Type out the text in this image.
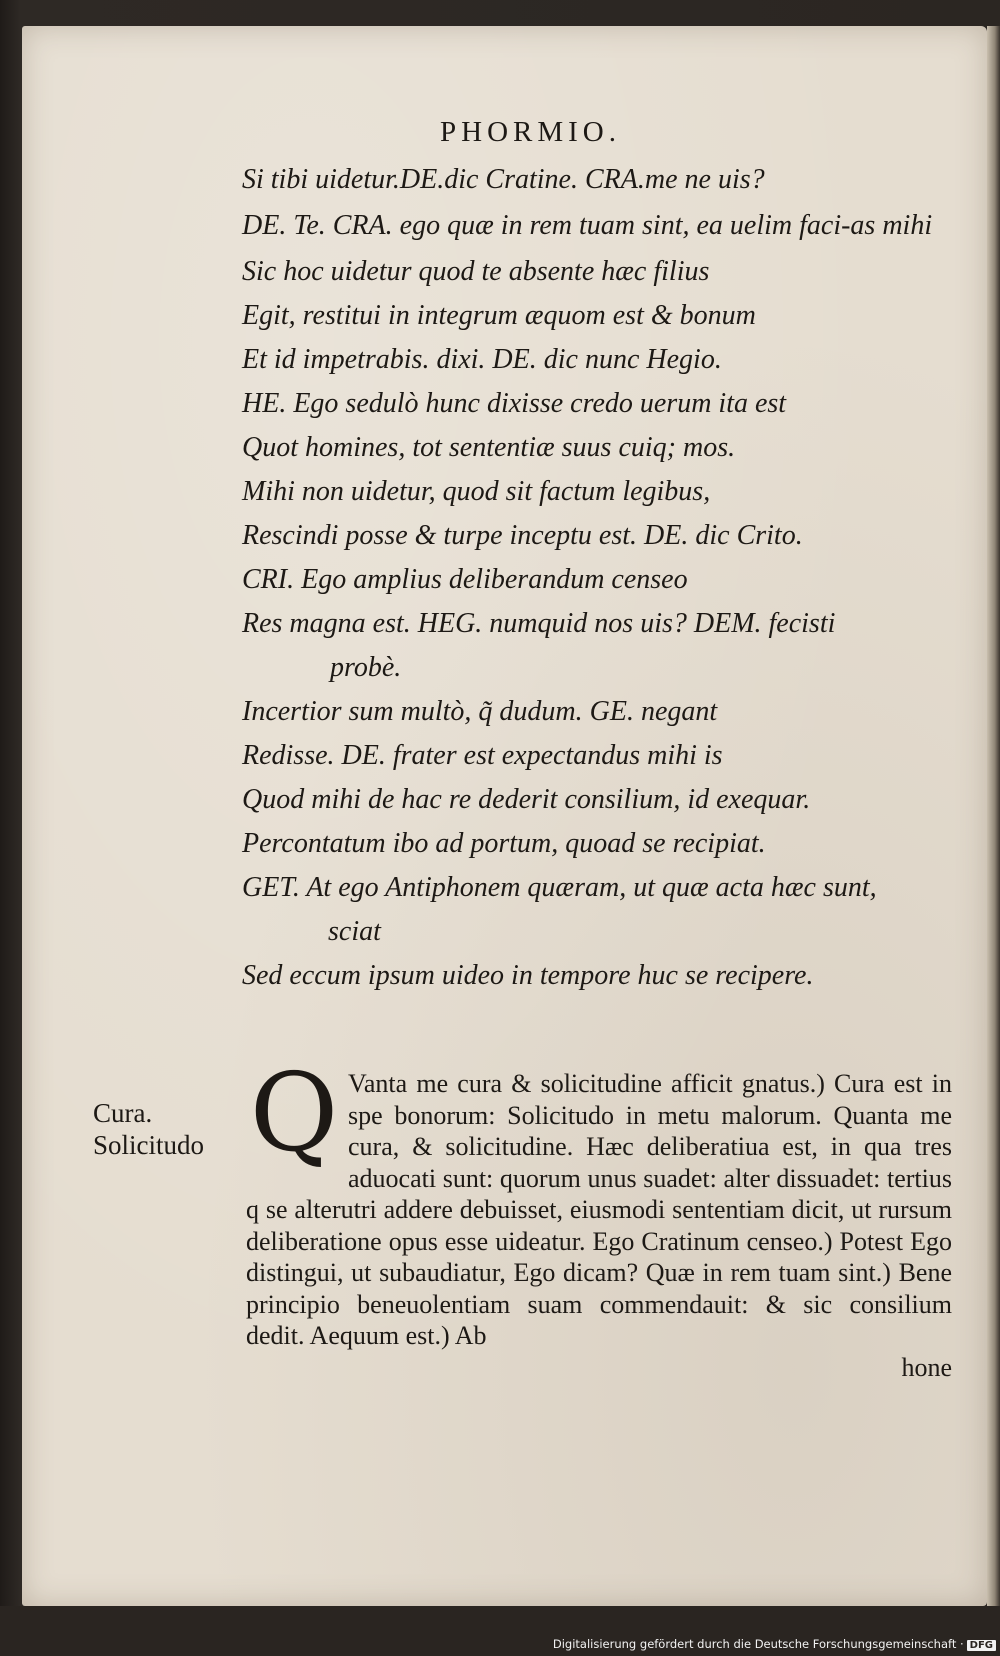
PHORMIO.
Si tibi uidetur.DE.dic Cratine. CRA.me ne uis?
DE. Te. CRA. ego quæ in rem tuam sint, ea uelim faci-as mihi
Sic hoc uidetur quod te absente hæc filius
Egit, restitui in integrum æquom est & bonum
Et id impetrabis. dixi. DE. dic nunc Hegio.
HE. Ego sedulò hunc dixisse credo uerum ita est
Quot homines, tot sententiæ suus cuiq; mos.
Mihi non uidetur, quod sit factum legibus,
Rescindi posse & turpe inceptu est. DE. dic Crito.
CRI. Ego amplius deliberandum censeo
Res magna est. HEG. numquid nos uis? DEM. fecisti
probè.
Incertior sum multò, q̃ dudum. GE. negant
Redisse. DE. frater est expectandus mihi is
Quod mihi de hac re dederit consilium, id exequar.
Percontatum ibo ad portum, quoad se recipiat.
GET. At ego Antiphonem quæram, ut quæ acta hæc sunt,
sciat
Sed eccum ipsum uideo in tempore huc se recipere.
Cura.
Solicitudo Q Vanta me cura & solicitudine afficit gnatus.) Cura est in spe bonorum: Solicitudo in metu malorum. Quanta me cura, & solicitudine. Hæc deliberatiua est, in qua tres aduocati sunt: quorum unus suadet: alter dissuadet: tertius q se alterutri addere debuisset, eiusmodi sententiam dicit, ut rursum deliberatione opus esse uideatur. Ego Cratinum censeo.) Potest Ego distingui, ut subaudiatur, Ego dicam? Quæ in rem tuam sint.) Bene principio beneuolentiam suam commendauit: & sic consilium dedit. Aequum est.) Ab
hone
Digitalisierung gefördert durch die Deutsche Forschungsgemeinschaft · DFG
